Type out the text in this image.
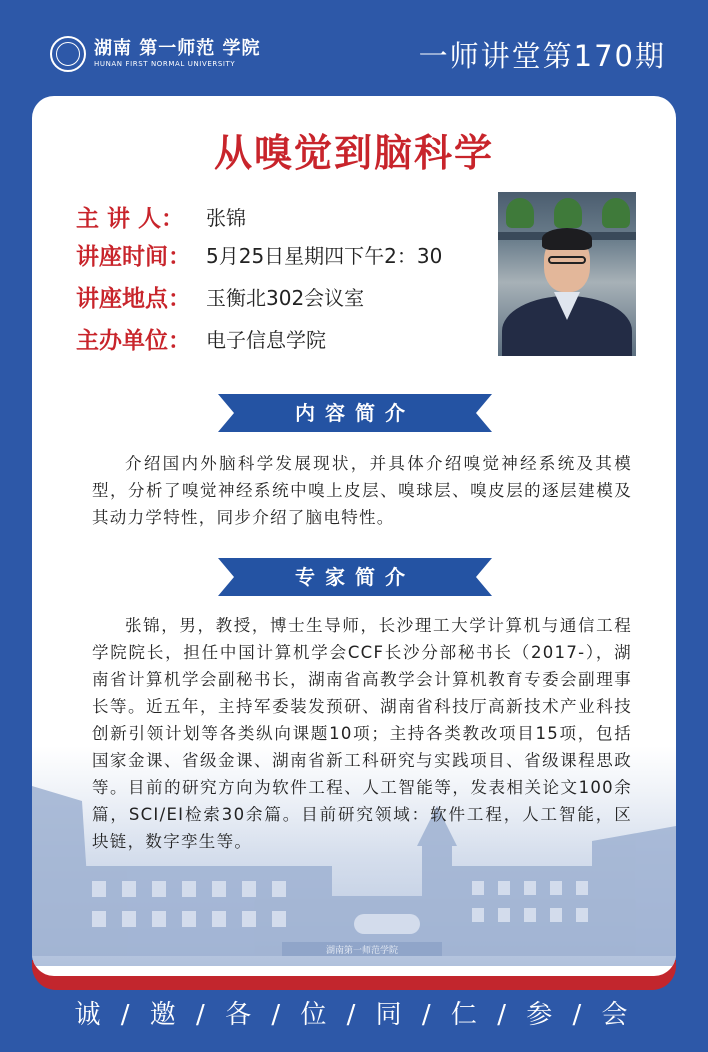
湖南 第一师范 学院
HUNAN FIRST NORMAL UNIVERSITY	一师讲堂第170期
湖南第一师范学院
从嗅觉到脑科学
主 讲 人：	张锦
讲座时间： 5月25日星期四下午2：30
讲座地点： 玉衡北302会议室
主办单位： 电子信息学院
内容简介
介绍国内外脑科学发展现状，并具体介绍嗅觉神经系统及其模型，分析了嗅觉神经系统中嗅上皮层、嗅球层、嗅皮层的逐层建模及其动力学特性，同步介绍了脑电特性。
专家简介
张锦，男，教授，博士生导师，长沙理工大学计算机与通信工程学院院长，担任中国计算机学会CCF长沙分部秘书长（2017-），湖南省计算机学会副秘书长，湖南省高教学会计算机教育专委会副理事长等。近五年，主持军委装发预研、湖南省科技厅高新技术产业科技创新引领计划等各类纵向课题10项；主持各类教改项目15项，包括国家金课、省级金课、湖南省新工科研究与实践项目、省级课程思政等。目前的研究方向为软件工程、人工智能等，发表相关论文100余篇，SCI/EI检索30余篇。目前研究领域：软件工程，人工智能，区块链，数字孪生等。
诚 / 邀 / 各 / 位 / 同 / 仁 / 参 / 会
